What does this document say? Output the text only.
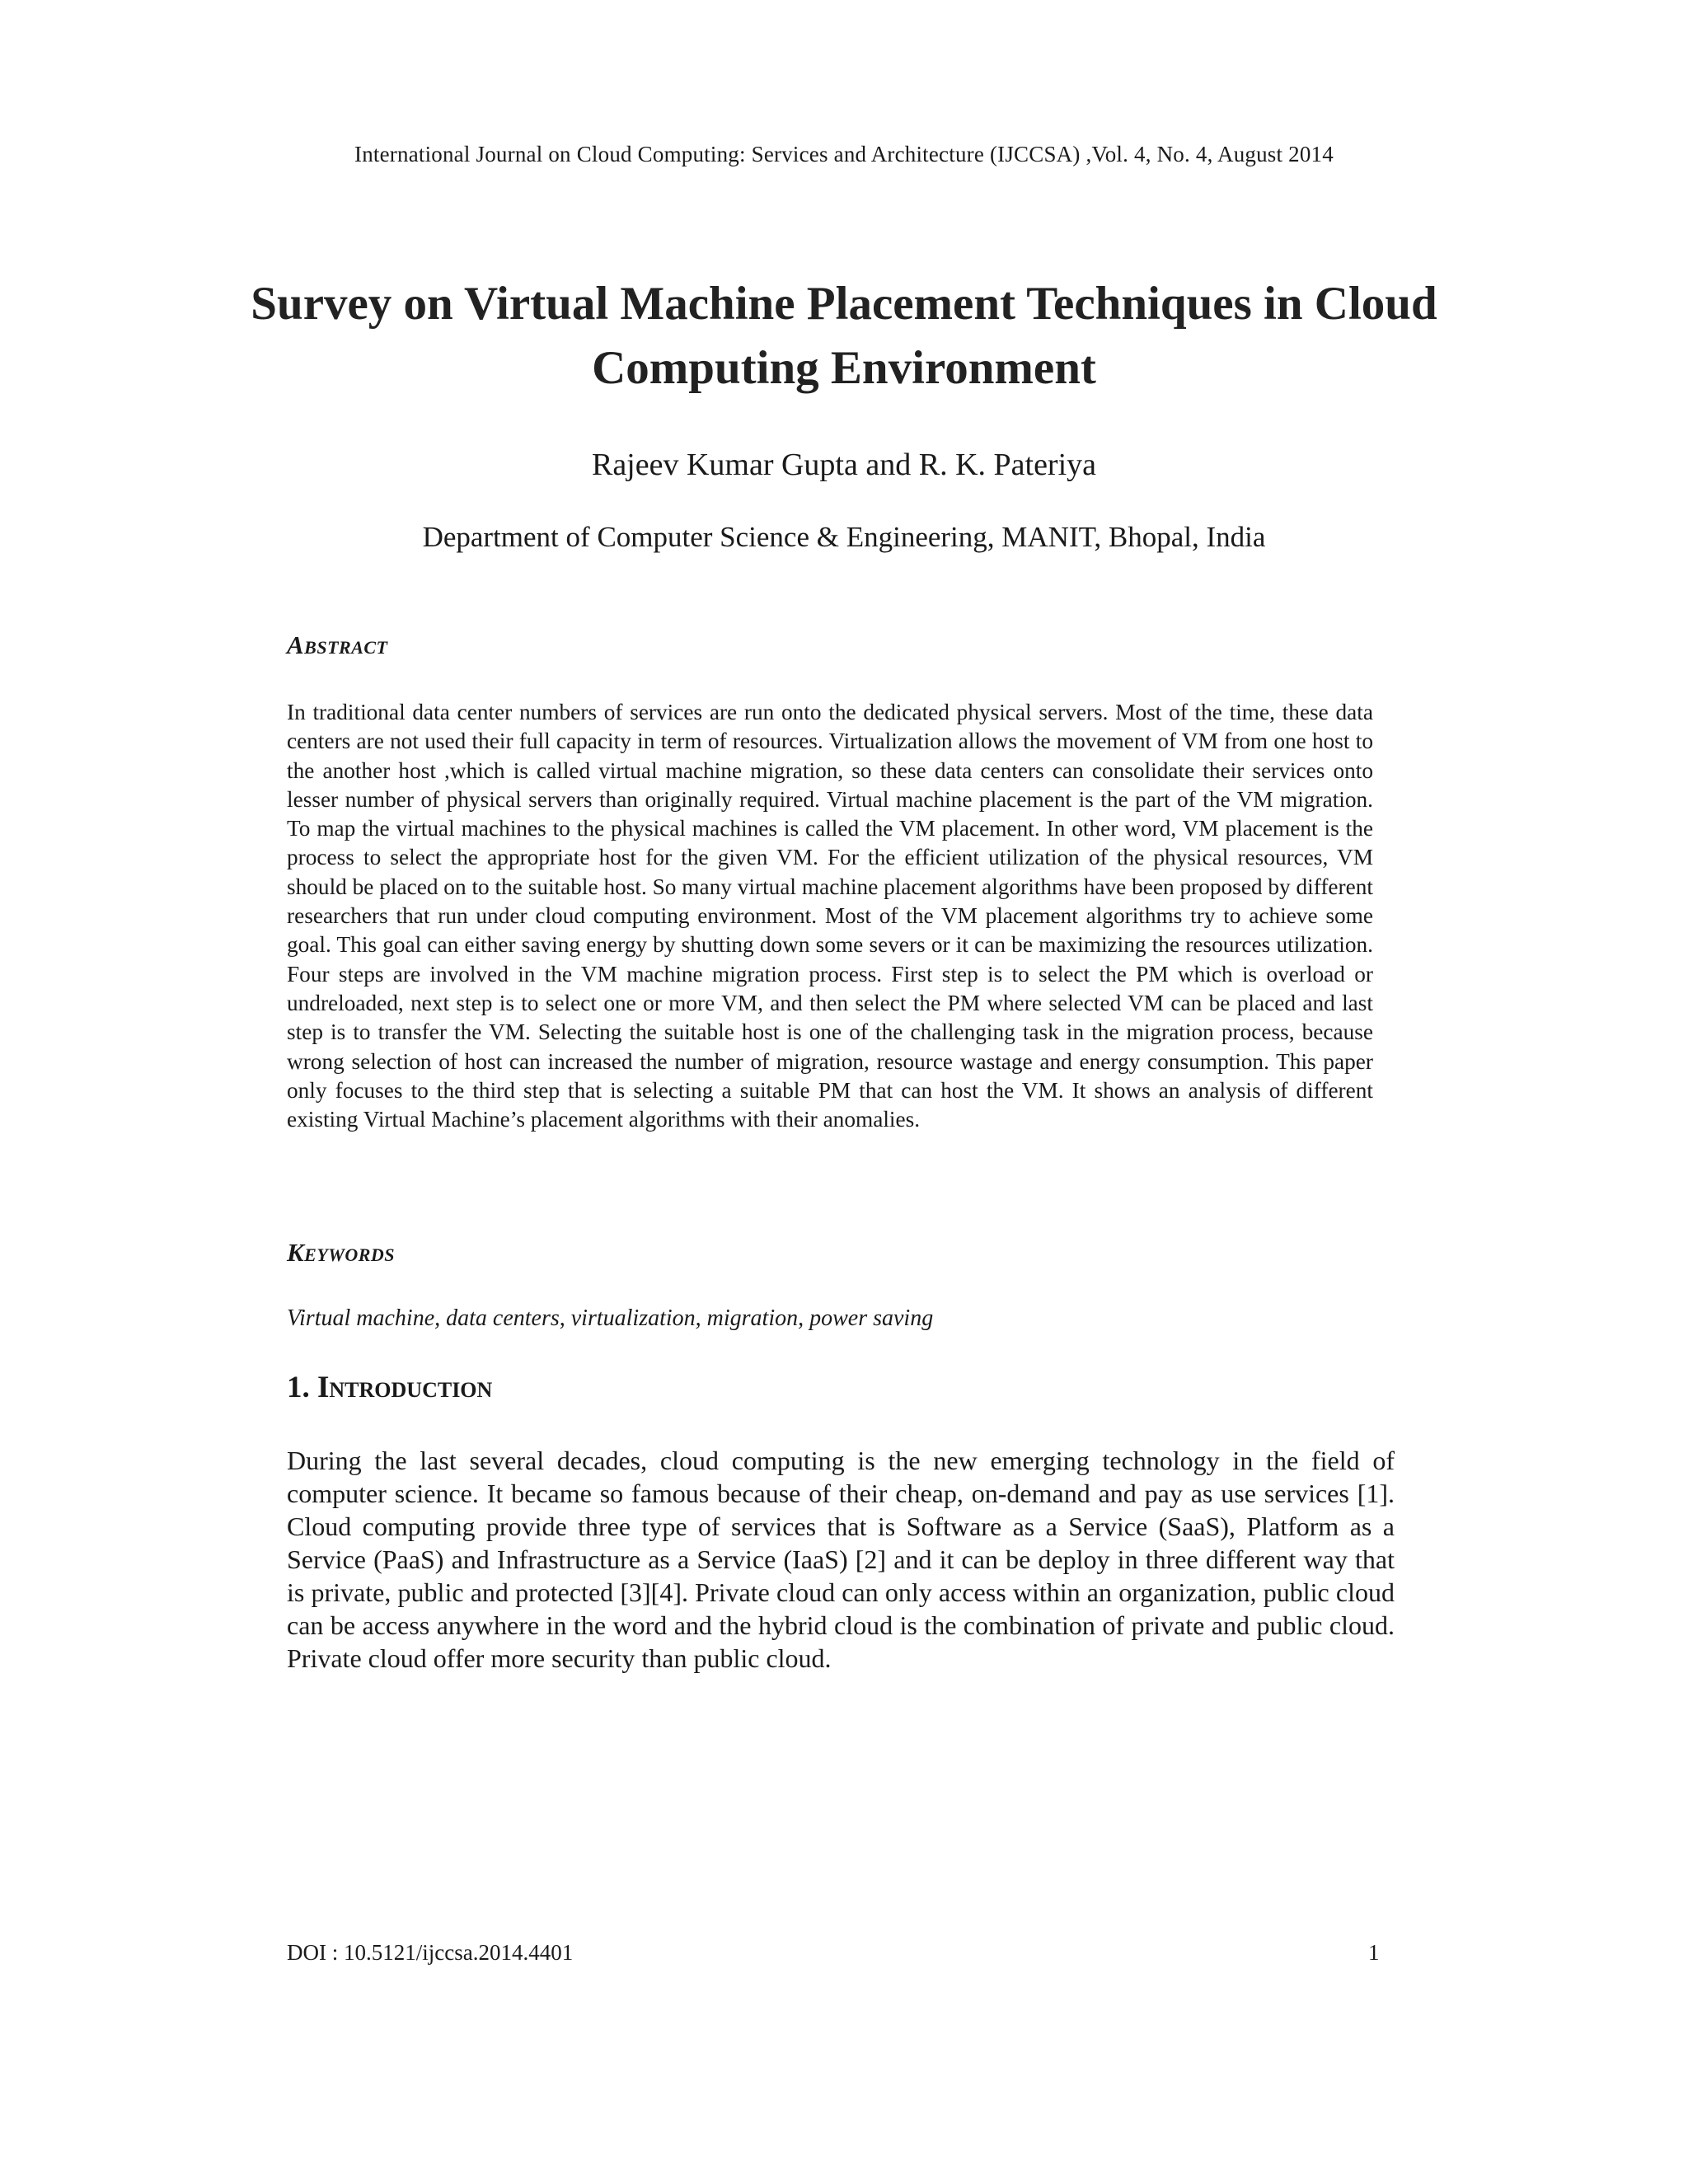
International Journal on Cloud Computing: Services and Architecture (IJCCSA) ,Vol. 4, No. 4, August 2014
Survey on Virtual Machine Placement Techniques in Cloud Computing Environment
Rajeev Kumar Gupta and R. K. Pateriya
Department of Computer Science & Engineering, MANIT, Bhopal, India
Abstract
In traditional data center numbers of services are run onto the dedicated physical servers. Most of the time, these data centers are not used their full capacity in term of resources. Virtualization allows the movement of VM from one host to the another host ,which is called virtual machine migration, so these data centers can consolidate their services onto lesser number of physical servers than originally required. Virtual machine placement is the part of the VM migration. To map the virtual machines to the physical machines is called the VM placement. In other word, VM placement is the process to select the appropriate host for the given VM. For the efficient utilization of the physical resources, VM should be placed on to the suitable host. So many virtual machine placement algorithms have been proposed by different researchers that run under cloud computing environment. Most of the VM placement algorithms try to achieve some goal. This goal can either saving energy by shutting down some severs or it can be maximizing the resources utilization. Four steps are involved in the VM machine migration process. First step is to select the PM which is overload or undreloaded, next step is to select one or more VM, and then select the PM where selected VM can be placed and last step is to transfer the VM. Selecting the suitable host is one of the challenging task in the migration process, because wrong selection of host can increased the number of migration, resource wastage and energy consumption. This paper only focuses to the third step that is selecting a suitable PM that can host the VM. It shows an analysis of different existing Virtual Machine’s placement algorithms with their anomalies.
Keywords
Virtual machine, data centers, virtualization, migration, power saving
1. Introduction
During the last several decades, cloud computing is the new emerging technology in the field of computer science. It became so famous because of their cheap, on-demand and pay as use services [1]. Cloud computing provide three type of services that is Software as a Service (SaaS), Platform as a Service (PaaS) and Infrastructure as a Service (IaaS) [2] and it can be deploy in three different way that is private, public and protected [3][4]. Private cloud can only access within an organization, public cloud can be access anywhere in the word and the hybrid cloud is the combination of private and public cloud. Private cloud offer more security than public cloud.
DOI : 10.5121/ijccsa.2014.4401	1
